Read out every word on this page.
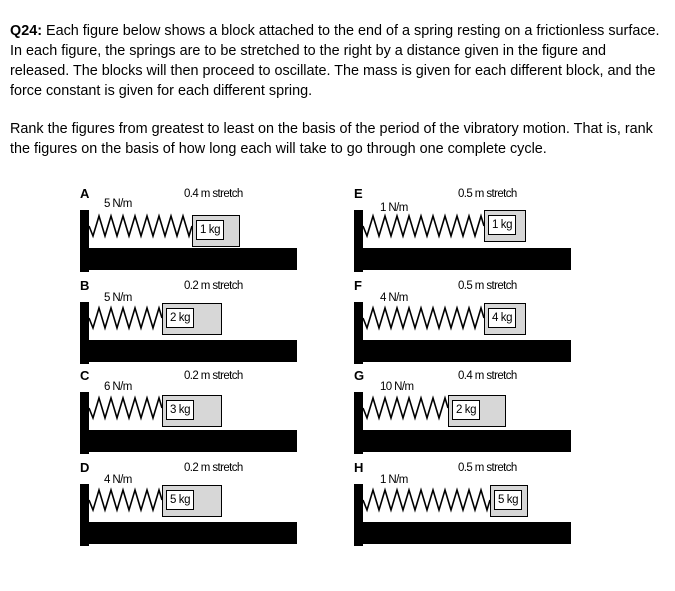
Q24: Each figure below shows a block attached to the end of a spring resting on a frictionless surface. In each figure, the springs are to be stretched to the right by a distance given in the figure and released. The blocks will then proceed to oscillate. The mass is given for each different block, and the force constant is given for each different spring.

Rank the figures from greatest to least on the basis of the period of the vibratory motion. That is, rank the figures on the basis of how long each will take to go through one complete cycle.

A
5 N/m
0.4 m stretch
1 kg
E
1 N/m
0.5 m stretch
1 kg
B
5 N/m
0.2 m stretch
2 kg
F
4 N/m
0.5 m stretch
4 kg
C
6 N/m
0.2 m stretch
3 kg
G
10 N/m
0.4 m stretch
2 kg
D
4 N/m
0.2 m stretch
5 kg
H
1 N/m
0.5 m stretch
5 kg
